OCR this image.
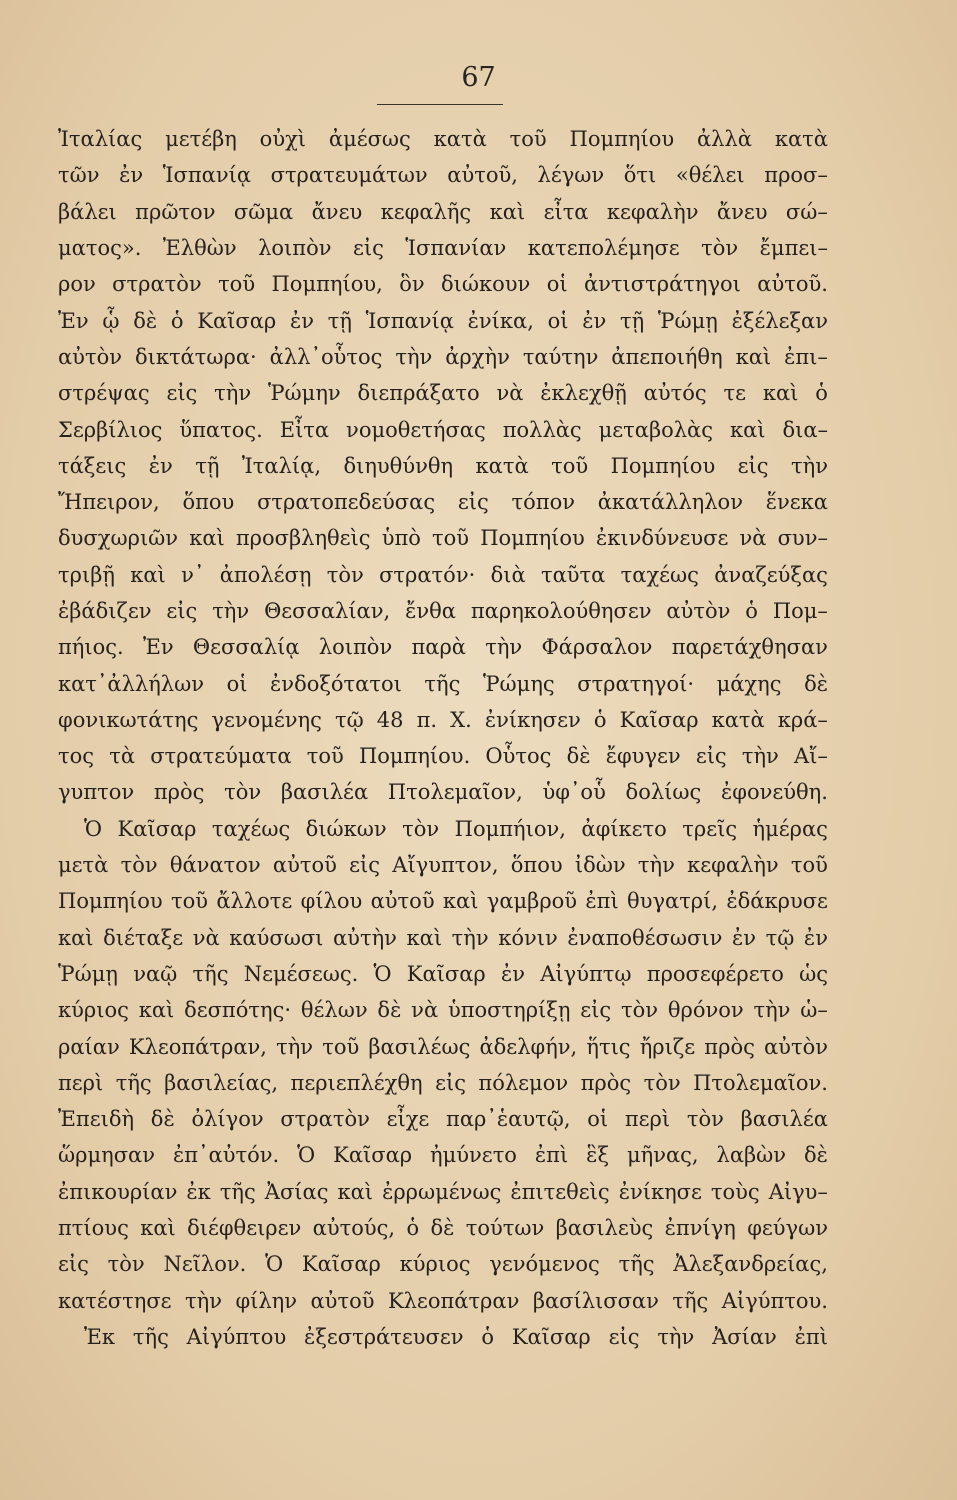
67
Ἰταλίας μετέβη οὐχὶ ἀμέσως κατὰ τοῦ Πομπηίου ἀλλὰ κατὰ
τῶν ἐν Ἱσπανίᾳ στρατευμάτων αὐτοῦ, λέγων ὅτι «θέλει προσ–
βάλει πρῶτον σῶμα ἄνευ κεφαλῆς καὶ εἶτα κεφαλὴν ἄνευ σώ–
ματος». Ἐλθὼν λοιπὸν εἰς Ἱσπανίαν κατεπολέμησε τὸν ἔμπει–
ρον στρατὸν τοῦ Πομπηίου, ὃν διώκουν οἱ ἀντιστράτηγοι αὐτοῦ.
Ἐν ᾧ δὲ ὁ Καῖσαρ ἐν τῇ Ἱσπανίᾳ ἐνίκα, οἱ ἐν τῇ Ῥώμῃ ἐξέλεξαν
αὐτὸν δικτάτωρα· ἀλλ᾽οὗτος τὴν ἀρχὴν ταύτην ἀπεποιήθη καὶ ἐπι–
στρέψας εἰς τὴν Ῥώμην διεπράξατο νὰ ἐκλεχθῇ αὐτός τε καὶ ὁ
Σερβίλιος ὕπατος. Εἶτα νομοθετήσας πολλὰς μεταβολὰς καὶ δια–
τάξεις ἐν τῇ Ἰταλίᾳ, διηυθύνθη κατὰ τοῦ Πομπηίου εἰς τὴν
Ἤπειρον, ὅπου στρατοπεδεύσας εἰς τόπον ἀκατάλληλον ἕνεκα
δυσχωριῶν καὶ προσβληθεὶς ὑπὸ τοῦ Πομπηίου ἐκινδύνευσε νὰ συν–
τριβῇ καὶ ν᾽ ἀπολέσῃ τὸν στρατόν· διὰ ταῦτα ταχέως ἀναζεύξας
ἐβάδιζεν εἰς τὴν Θεσσαλίαν, ἔνθα παρηκολούθησεν αὐτὸν ὁ Πομ–
πήιος. Ἐν Θεσσαλίᾳ λοιπὸν παρὰ τὴν Φάρσαλον παρετάχθησαν
κατ᾽ἀλλήλων οἱ ἐνδοξότατοι τῆς Ῥώμης στρατηγοί· μάχης δὲ
φονικωτάτης γενομένης τῷ 48 π. Χ. ἐνίκησεν ὁ Καῖσαρ κατὰ κρά–
τος τὰ στρατεύματα τοῦ Πομπηίου. Οὗτος δὲ ἔφυγεν εἰς τὴν Αἴ–
γυπτον πρὸς τὸν βασιλέα Πτολεμαῖον, ὑφ᾽οὗ δολίως ἐφονεύθη.
Ὁ Καῖσαρ ταχέως διώκων τὸν Πομπήιον, ἀφίκετο τρεῖς ἡμέρας
μετὰ τὸν θάνατον αὐτοῦ εἰς Αἴγυπτον, ὅπου ἰδὼν τὴν κεφαλὴν τοῦ
Πομπηίου τοῦ ἄλλοτε φίλου αὐτοῦ καὶ γαμβροῦ ἐπὶ θυγατρί, ἐδάκρυσε
καὶ διέταξε νὰ καύσωσι αὐτὴν καὶ τὴν κόνιν ἐναποθέσωσιν ἐν τῷ ἐν
Ῥώμῃ ναῷ τῆς Νεμέσεως. Ὁ Καῖσαρ ἐν Αἰγύπτῳ προσεφέρετο ὡς
κύριος καὶ δεσπότης· θέλων δὲ νὰ ὑποστηρίξῃ εἰς τὸν θρόνον τὴν ὡ–
ραίαν Κλεοπάτραν, τὴν τοῦ βασιλέως ἀδελφήν, ἥτις ἤριζε πρὸς αὐτὸν
περὶ τῆς βασιλείας, περιεπλέχθη εἰς πόλεμον πρὸς τὸν Πτολεμαῖον.
Ἐπειδὴ δὲ ὀλίγον στρατὸν εἶχε παρ᾽ἑαυτῷ, οἱ περὶ τὸν βασιλέα
ὥρμησαν ἐπ᾽αὐτόν. Ὁ Καῖσαρ ἠμύνετο ἐπὶ ἓξ μῆνας, λαβὼν δὲ
ἐπικουρίαν ἐκ τῆς Ἀσίας καὶ ἐρρωμένως ἐπιτεθεὶς ἐνίκησε τοὺς Αἰγυ–
πτίους καὶ διέφθειρεν αὐτούς, ὁ δὲ τούτων βασιλεὺς ἐπνίγη φεύγων
εἰς τὸν Νεῖλον. Ὁ Καῖσαρ κύριος γενόμενος τῆς Ἀλεξανδρείας,
κατέστησε τὴν φίλην αὐτοῦ Κλεοπάτραν βασίλισσαν τῆς Αἰγύπτου.
Ἐκ τῆς Αἰγύπτου ἐξεστράτευσεν ὁ Καῖσαρ εἰς τὴν Ἀσίαν ἐπὶ
